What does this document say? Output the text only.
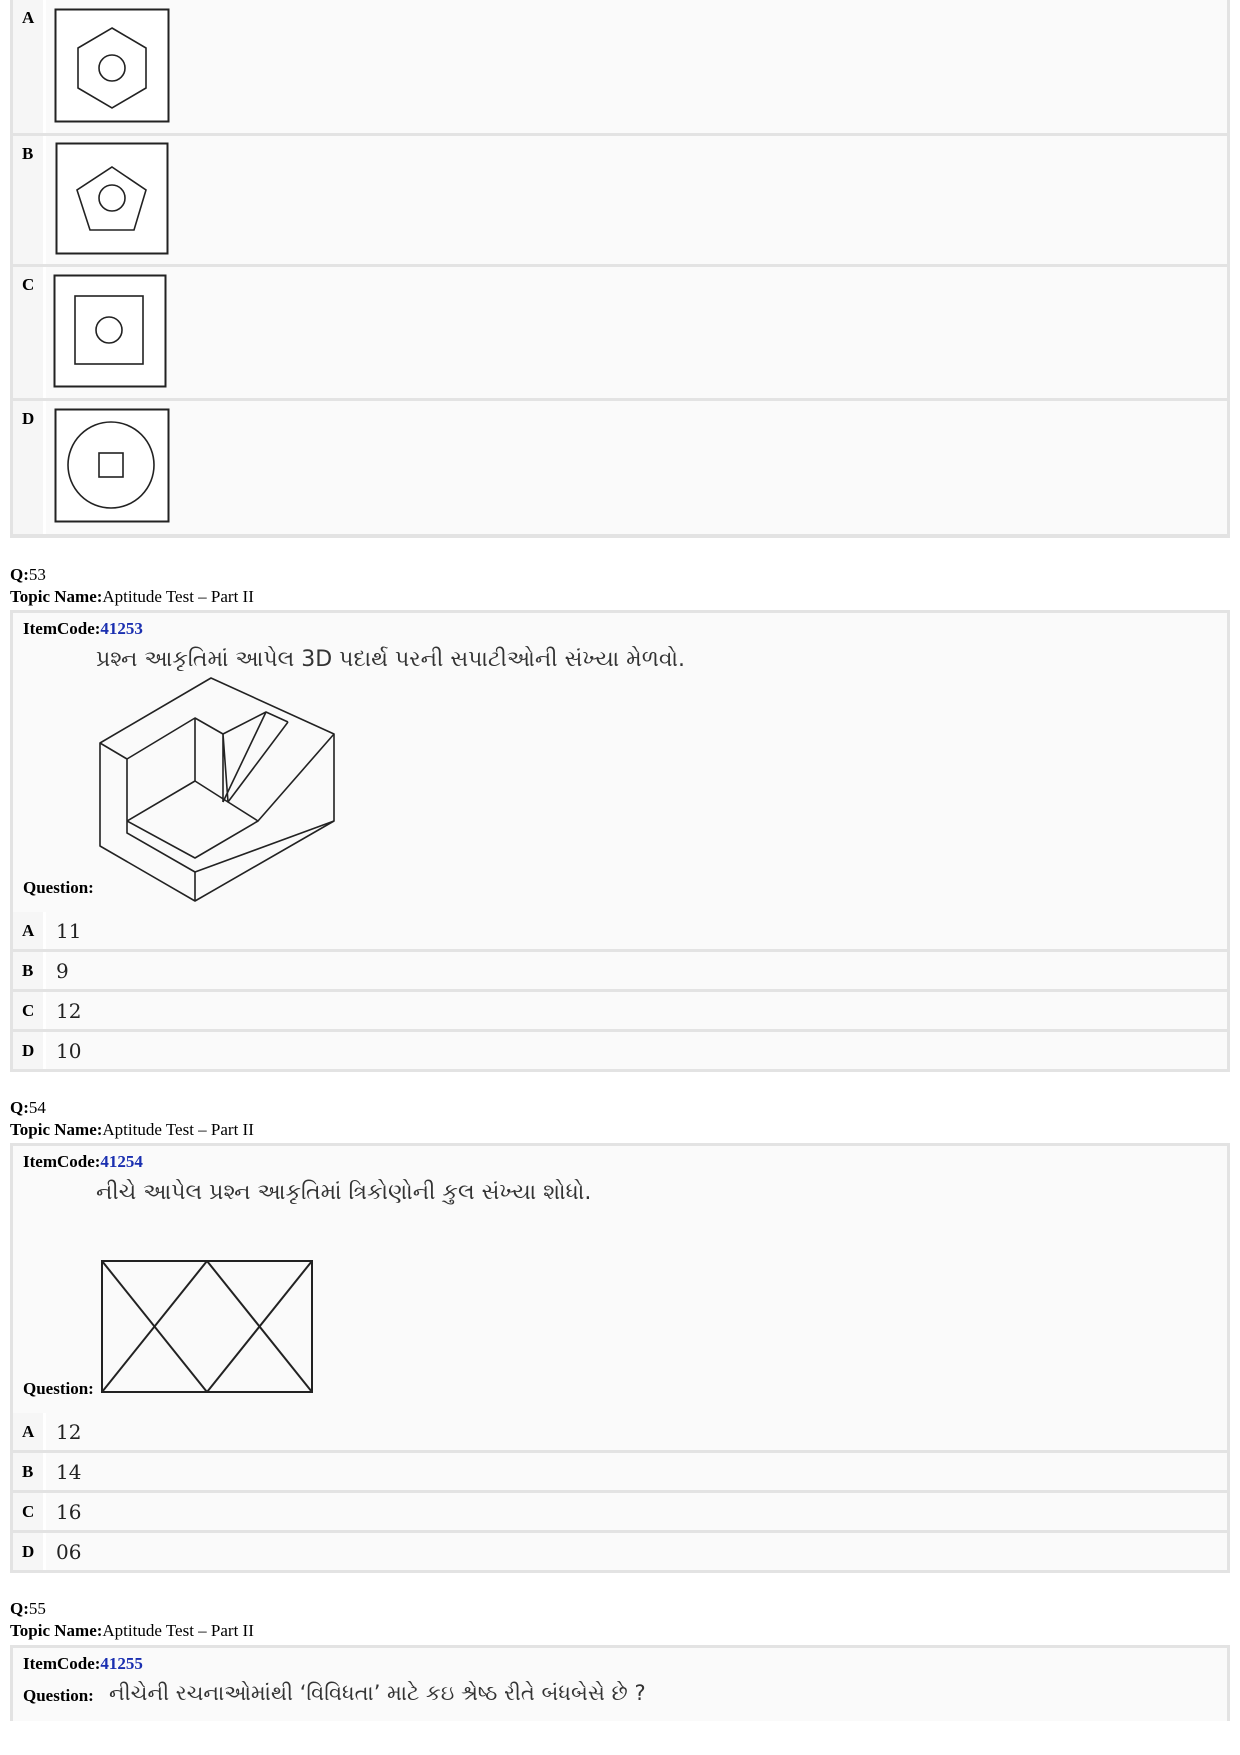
A
B
C
D
Q:53
Topic Name:Aptitude Test – Part II
ItemCode:41253
પ્રશ્ન આકૃતિમાં આપેલ 3D પદાર્થ પરની સપાટીઓની સંખ્યા મેળવો.
Question:
A	11
B	9
C	12
D	10
Q:54
Topic Name:Aptitude Test – Part II
ItemCode:41254
નીચે આપેલ પ્રશ્ન આકૃતિમાં ત્રિકોણોની કુલ સંખ્યા શોધો.
Question:
A	12
B	14
C	16
D	06
Q:55
Topic Name:Aptitude Test – Part II
ItemCode:41255
Question: નીચેની રચનાઓમાંથી ‘વિવિધતા’ માટે કઇ શ્રેષ્ઠ રીતે બંધબેસે છે ?
